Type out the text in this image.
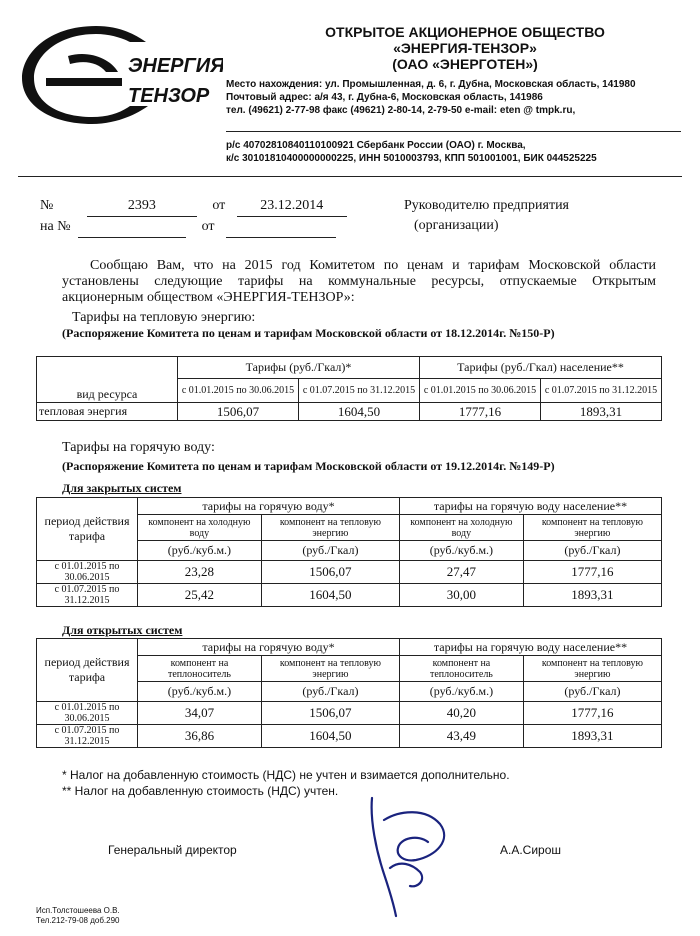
ЭНЕРГИЯ
ТЕНЗОР
ОТКРЫТОЕ АКЦИОНЕРНОЕ ОБЩЕСТВО
«ЭНЕРГИЯ-ТЕНЗОР»
(ОАО «ЭНЕРГОТЕН»)
Место нахождения: ул. Промышленная, д. 6, г. Дубна, Московская область, 141980
Почтовый адрес: а/я 43, г. Дубна-6, Московская область, 141986
тел. (49621) 2-77-98 факс (49621) 2-80-14, 2-79-50 e-mail: eten @ tmpk.ru,
р/с 40702810840110100921 Сбербанк России (ОАО) г. Москва,
к/с 30101810400000000225, ИНН 5010003793, КПП 501001001, БИК 044525225
№	2393	от	23.12.2014
на №	от
Руководителю предприятия
(организации)

Сообщаю Вам, что на 2015 год Комитетом по ценам и тарифам Московской области установлены следующие тарифы на коммунальные ресурсы, отпускаемые Открытым акционерным обществом «ЭНЕРГИЯ-ТЕНЗОР»:

Тарифы на тепловую энергию:
(Распоряжение Комитета по ценам и тарифам Московской области от 18.12.2014г. №150-Р)
вид ресурса	Тарифы (руб./Гкал)*		Тарифы (руб./Гкал) население**	
	с 01.01.2015 по 30.06.2015	с 01.07.2015 по 31.12.2015	с 01.01.2015 по 30.06.2015	с 01.07.2015 по 31.12.2015
тепловая энергия	1506,07	1604,50	1777,16	1893,31
Тарифы на горячую воду:
(Распоряжение Комитета по ценам и тарифам Московской области от 19.12.2014г. №149-Р)
Для закрытых систем
период действия тарифа	тарифы на горячую воду*		тарифы на горячую воду население**	
	компонент на холодную воду	компонент на тепловую энергию	компонент на холодную воду	компонент на тепловую энергию
	(руб./куб.м.)	(руб./Гкал)	(руб./куб.м.)	(руб./Гкал)
с 01.01.2015 по 30.06.2015	23,28	1506,07	27,47	1777,16
с 01.07.2015 по 31.12.2015	25,42	1604,50	30,00	1893,31
Для открытых систем
период действия тарифа	тарифы на горячую воду*		тарифы на горячую воду население**	
	компонент на теплоноситель	компонент на тепловую энергию	компонент на теплоноситель	компонент на тепловую энергию
	(руб./куб.м.)	(руб./Гкал)	(руб./куб.м.)	(руб./Гкал)
с 01.01.2015 по 30.06.2015	34,07	1506,07	40,20	1777,16
с 01.07.2015 по 31.12.2015	36,86	1604,50	43,49	1893,31
* Налог на добавленную стоимость (НДС) не учтен и взимается дополнительно.
** Налог на добавленную стоимость (НДС) учтен.
Генеральный директор	А.А.Сирош
Исп.Толстошеева О.В.
Тел.212-79-08 доб.290
